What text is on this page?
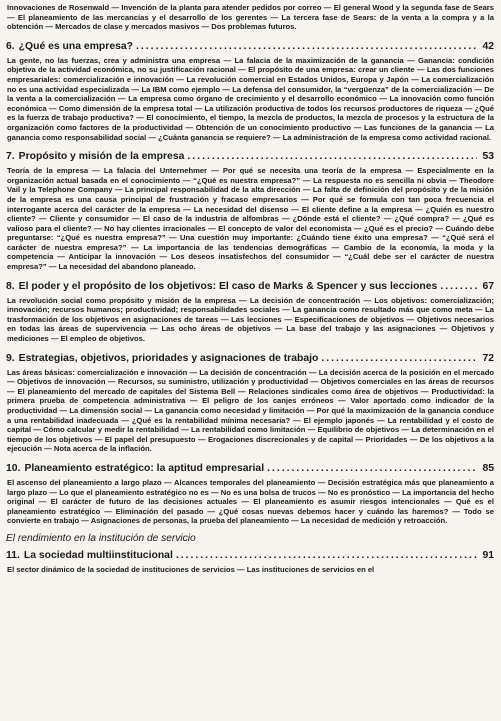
Innovaciones de Rosenwald — Invención de la planta para atender pedidos por correo — El general Wood y la segunda fase de Sears — El planeamiento de las mercancías y el desarrollo de los gerentes — La tercera fase de Sears: de la venta a la compra y a la obtención — Mercados de clase y mercados masivos — Dos problemas futuros.

6. ¿Qué es una empresa? .....	42

La gente, no las fuerzas, crea y administra una empresa — La falacia de la maximización de la ganancia — Ganancia: condición objetiva de la actividad económica, no su justificación racional — El propósito de una empresa: crear un cliente — Las dos funciones empresariales: comercialización e innovación — La revolución comercial en Estados Unidos, Europa y Japón — La comercialización no es una actividad especializada — La IBM como ejemplo — La defensa del consumidor, la “vergüenza” de la comercialización — De la venta a la comercialización — La empresa como órgano de crecimiento y el desarrollo económico — La innovación como función económica — Como dimensión de la empresa total — La utilización productiva de todos los recursos productores de riqueza — ¿Qué es la fuerza de trabajo productiva? — El conocimiento, el tiempo, la mezcla de productos, la mezcla de procesos y la estructura de la organización como factores de la productividad — Obtención de un conocimiento productivo — Las funciones de la ganancia — La ganancia como responsabilidad social — ¿Cuánta ganancia se requiere? — La administración de la empresa como actividad racional.

7. Propósito y misión de la empresa .....	53

Teoría de la empresa — La falacia del Unternehmer — Por qué se necesita una teoría de la empresa — Especialmente en la organización actual basada en el conocimiento — “¿Qué es nuestra empresa?” — La respuesta no es sencilla ni obvia — Theodore Vail y la Telephone Company — La principal responsabilidad de la alta dirección — La falta de definición del propósito y de la misión de la empresa es una causa principal de frustración y fracaso empresarios — Por qué se formula con tan poca frecuencia el interrogante acerca del carácter de la empresa — La necesidad del disenso — El cliente define a la empresa — ¿Quién es nuestro cliente? — Cliente y consumidor — El caso de la industria de alfombras — ¿Dónde está el cliente? — ¿Qué compra? — ¿Qué es valioso para el cliente? — No hay clientes irracionales — El concepto de valor del economista — ¿Qué es el precio? — Cuándo debe preguntarse: “¿Qué es nuestra empresa?” — Una cuestión muy importante: ¿Cuándo tiene éxito una empresa? — “¿Qué será el carácter de nuestra empresa?” — La importancia de las tendencias demográficas — Cambio de la economía, la moda y la competencia — Anticipar la innovación — Los deseos insatisfechos del consumidor — “¿Cuál debe ser el carácter de nuestra empresa?” — La necesidad del abandono planeado.

8. El poder y el propósito de los objetivos: El caso de Marks & Spencer y sus lecciones .....	67

La revolución social como propósito y misión de la empresa — La decisión de concentración — Los objetivos: comercialización; innovación; recursos humanos; productividad; responsabilidades sociales — La ganancia como resultado más que como meta — La trasformación de los objetivos en asignaciones de tareas — Las lecciones — Especificaciones de objetivos — Objetivos necesarios en todas las áreas de supervivencia — Las ocho áreas de objetivos — La base del trabajo y las asignaciones — Objetivos y mediciones — El empleo de objetivos.

9. Estrategias, objetivos, prioridades y asignaciones de trabajo .....	72

Las áreas básicas: comercialización e innovación — La decisión de concentración — La decisión acerca de la posición en el mercado — Objetivos de innovación — Recursos, su suministro, utilización y productividad — Objetivos comerciales en las áreas de recursos — El planeamiento del mercado de capitales del Sistema Bell — Relaciones sindicales como área de objetivos — Productividad: la primera prueba de competencia administrativa — El peligro de los canjes erróneos — Valor aportado como indicador de la productividad — La dimensión social — La ganancia como necesidad y limitación — Por qué la maximización de la ganancia conduce a una rentabilidad inadecuada — ¿Qué es la rentabilidad mínima necesaria? — El ejemplo japonés — La rentabilidad y el costo de capital — Cómo calcular y medir la rentabilidad — La rentabilidad como limitación — Equilibrio de objetivos — La determinación en el tiempo de los objetivos — El papel del presupuesto — Erogaciones discrecionales y de capital — Prioridades — De los objetivos a la ejecución — Nota acerca de la inflación.

10. Planeamiento estratégico: la aptitud empresarial .....	85

El ascenso del planeamiento a largo plazo — Alcances temporales del planeamiento — Decisión estratégica más que planeamiento a largo plazo — Lo que el planeamiento estratégico no es — No es una bolsa de trucos — No es pronóstico — La importancia del hecho original — El carácter de futuro de las decisiones actuales — El planeamiento es asumir riesgos intencionales — Qué es el planeamiento estratégico — Eliminación del pasado — ¿Qué cosas nuevas debemos hacer y cuándo las haremos? — Todo se convierte en trabajo — Asignaciones de personas, la prueba del planeamiento — La necesidad de medición y retroacción.

El rendimiento en la institución de servicio
11. La sociedad multiinstitucional .....	91

El sector dinámico de la sociedad de instituciones de servicios — Las instituciones de servicios en el
